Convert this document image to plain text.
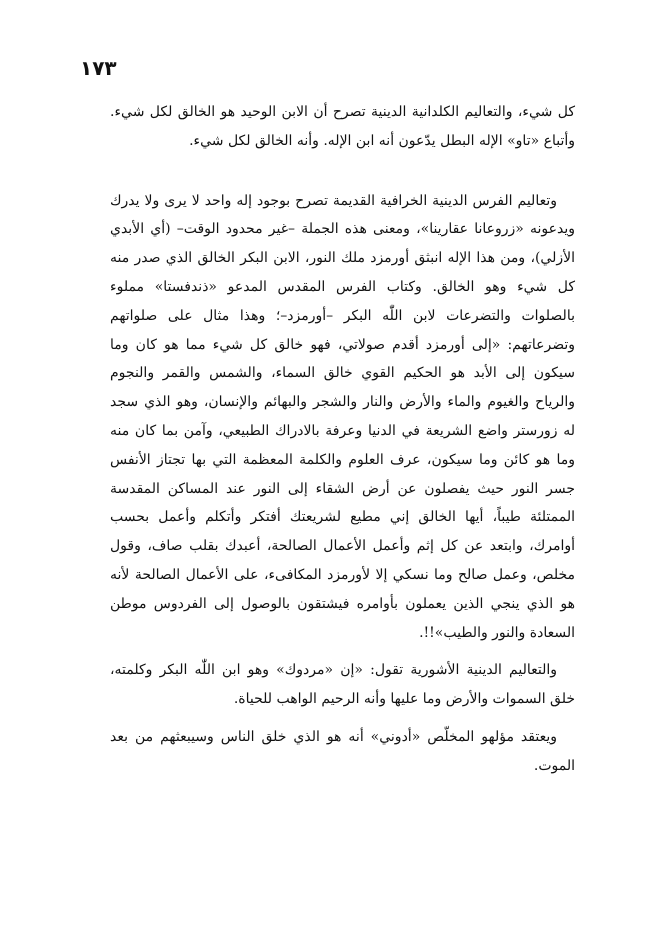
١٧٣

كل شيء، والتعاليم الكلدانية الدينية تصرح أن الابن الوحيد هو الخالق لكل شيء. وأتباع «تاو» الإله البطل يدّعون أنه ابن الإله. وأنه الخالق لكل شيء.

وتعاليم الفرس الدينية الخرافية القديمة تصرح بوجود إله واحد لا يرى ولا يدرك ويدعونه «زروعانا عقارينا»، ومعنى هذه الجملة –غير محدود الوقت– (أي الأبدي الأزلي)، ومن هذا الإله انبثق أورمزد ملك النور، الابن البكر الخالق الذي صدر منه كل شيء وهو الخالق. وكتاب الفرس المقدس المدعو «ذندفستا» مملوء بالصلوات والتضرعات لابن اللّٰه البكر –أورمزد–؛ وهذا مثال على صلواتهم وتضرعاتهم: «إلى أورمزد أقدم صولاتي، فهو خالق كل شيء مما هو كان وما سيكون إلى الأبد هو الحكيم القوي خالق السماء، والشمس والقمر والنجوم والرياح والغيوم والماء والأرض والنار والشجر والبهائم والإنسان، وهو الذي سجد له زورستر واضع الشريعة في الدنيا وعرفة بالادراك الطبيعي، وآمن بما كان منه وما هو كائن وما سيكون، عرف العلوم والكلمة المعظمة التي بها تجتاز الأنفس جسر النور حيث يفصلون عن أرض الشقاء إلى النور عند المساكن المقدسة الممتلئة طيباً، أيها الخالق إني مطيع لشريعتك أفتكر وأتكلم وأعمل بحسب أوامرك، وابتعد عن كل إثم وأعمل الأعمال الصالحة، أعبدك بقلب صاف، وقول مخلص، وعمل صالح وما نسكي إلا لأورمزد المكافىء، على الأعمال الصالحة لأنه هو الذي ينجي الذين يعملون بأوامره فيشتقون بالوصول إلى الفردوس موطن السعادة والنور والطيب»!!.

والتعاليم الدينية الأشورية تقول: «إن «مردوك» وهو ابن اللّٰه البكر وكلمته، خلق السموات والأرض وما عليها وأنه الرحيم الواهب للحياة.

ويعتقد مؤلهو المخلّص «أدوني» أنه هو الذي خلق الناس وسيبعثهم من بعد الموت.
